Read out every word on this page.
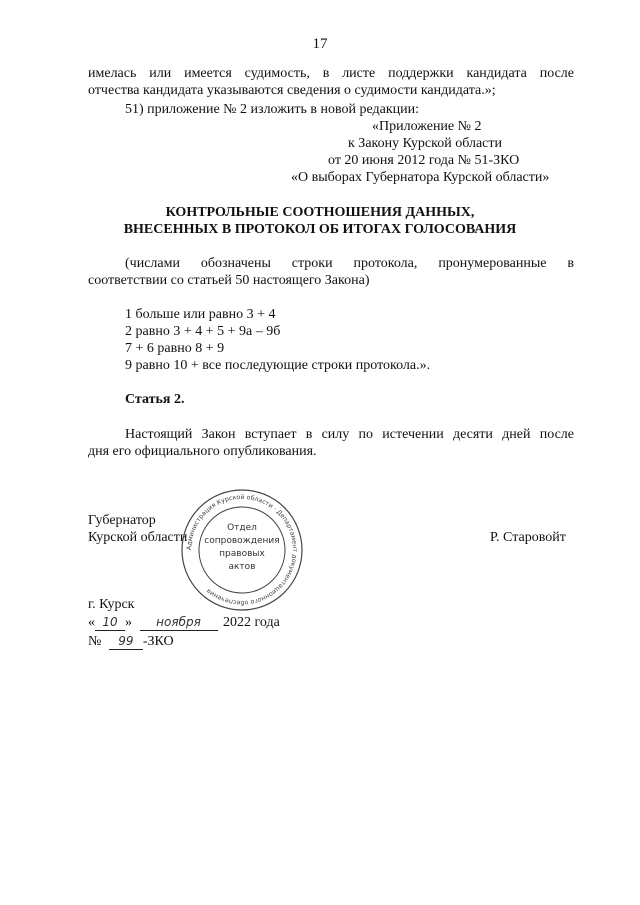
17
имелась или имеется судимость, в листе поддержки кандидата после
отчества кандидата указываются сведения о судимости кандидата.»;
51) приложение № 2 изложить в новой редакции:
«Приложение № 2
к Закону Курской области
от 20 июня 2012 года № 51-ЗКО
«О выборах Губернатора Курской области»
КОНТРОЛЬНЫЕ СООТНОШЕНИЯ ДАННЫХ,
ВНЕСЕННЫХ В ПРОТОКОЛ ОБ ИТОГАХ ГОЛОСОВАНИЯ
(числами обозначены строки протокола, пронумерованные в
соответствии со статьей 50 настоящего Закона)
1 больше или равно 3 + 4
2 равно 3 + 4 + 5 + 9а – 9б
7 + 6 равно 8 + 9
9 равно 10 + все последующие строки протокола.».
Статья 2.
Настоящий Закон вступает в силу по истечении десяти дней после
дня его официального опубликования.
Губернатор
Курской области	Р. Старовойт
Администрация Курской области · Департамент документационного обеспечения
Отдел
сопровождения
правовых
актов
г. Курск
« 10 » ноября 2022 года
№ 99 -ЗКО
